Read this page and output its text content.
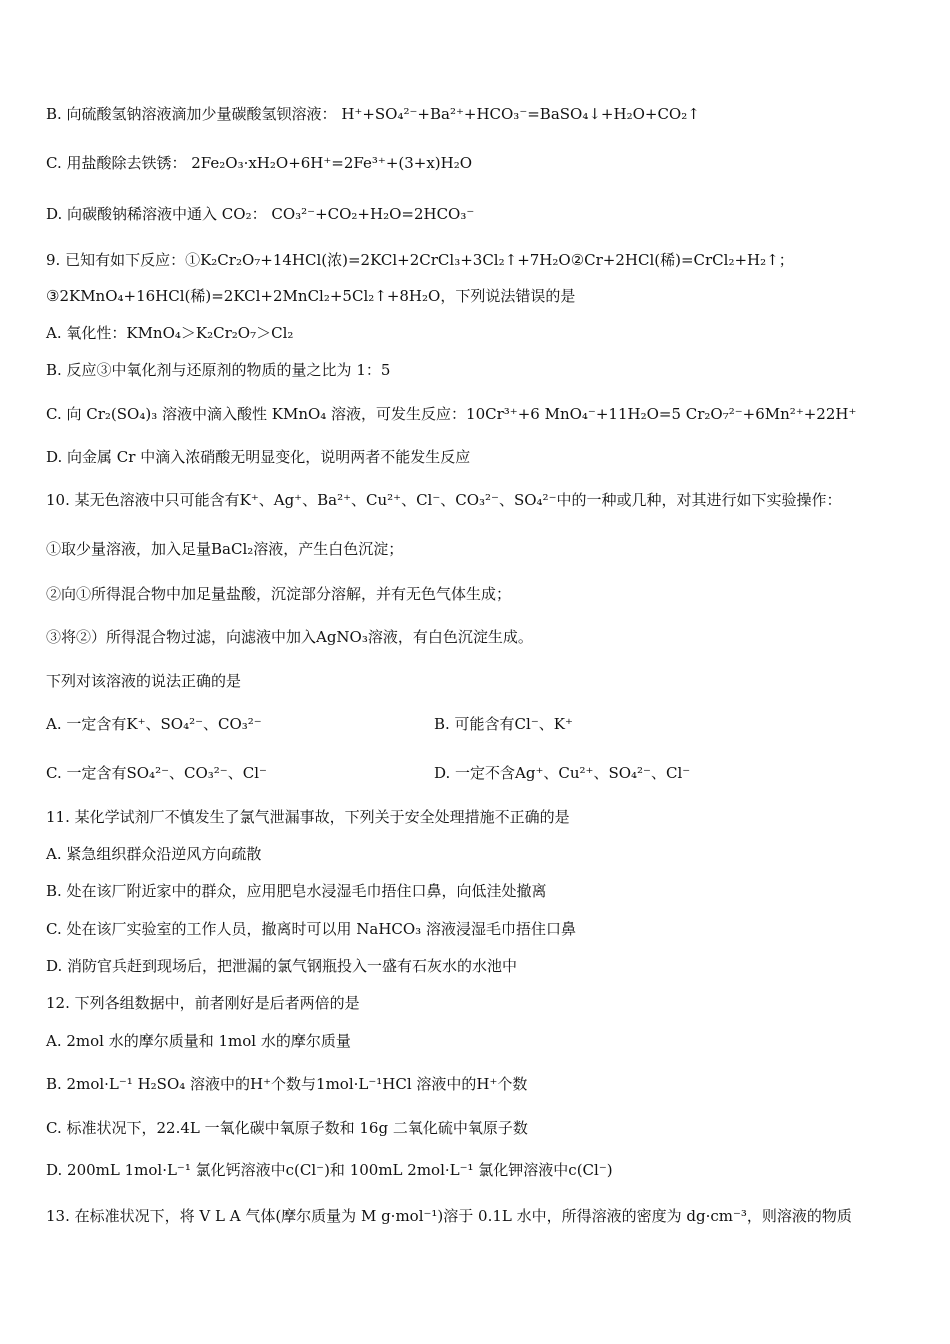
B. 向硫酸氢钠溶液滴加少量碳酸氢钡溶液： H⁺+SO₄²⁻+Ba²⁺+HCO₃⁻=BaSO₄↓+H₂O+CO₂↑
C. 用盐酸除去铁锈： 2Fe₂O₃·xH₂O+6H⁺=2Fe³⁺+(3+x)H₂O
D. 向碳酸钠稀溶液中通入 CO₂： CO₃²⁻+CO₂+H₂O=2HCO₃⁻
9. 已知有如下反应：①K₂Cr₂O₇+14HCl(浓)=2KCl+2CrCl₃+3Cl₂↑+7H₂O②Cr+2HCl(稀)=CrCl₂+H₂↑；
③2KMnO₄+16HCl(稀)=2KCl+2MnCl₂+5Cl₂↑+8H₂O，下列说法错误的是
A. 氧化性：KMnO₄＞K₂Cr₂O₇＞Cl₂
B. 反应③中氧化剂与还原剂的物质的量之比为 1：5
C. 向 Cr₂(SO₄)₃ 溶液中滴入酸性 KMnO₄ 溶液，可发生反应：10Cr³⁺+6 MnO₄⁻+11H₂O=5 Cr₂O₇²⁻+6Mn²⁺+22H⁺
D. 向金属 Cr 中滴入浓硝酸无明显变化，说明两者不能发生反应
10. 某无色溶液中只可能含有K⁺、Ag⁺、Ba²⁺、Cu²⁺、Cl⁻、CO₃²⁻、SO₄²⁻中的一种或几种，对其进行如下实验操作：
①取少量溶液，加入足量BaCl₂溶液，产生白色沉淀；
②向①所得混合物中加足量盐酸，沉淀部分溶解，并有无色气体生成；
③将②）所得混合物过滤，向滤液中加入AgNO₃溶液，有白色沉淀生成。
下列对该溶液的说法正确的是
A. 一定含有K⁺、SO₄²⁻、CO₃²⁻	B. 可能含有Cl⁻、K⁺
C. 一定含有SO₄²⁻、CO₃²⁻、Cl⁻	D. 一定不含Ag⁺、Cu²⁺、SO₄²⁻、Cl⁻
11. 某化学试剂厂不慎发生了氯气泄漏事故，下列关于安全处理措施不正确的是
A. 紧急组织群众沿逆风方向疏散
B. 处在该厂附近家中的群众，应用肥皂水浸湿毛巾捂住口鼻，向低洼处撤离
C. 处在该厂实验室的工作人员，撤离时可以用 NaHCO₃ 溶液浸湿毛巾捂住口鼻
D. 消防官兵赶到现场后，把泄漏的氯气钢瓶投入一盛有石灰水的水池中
12. 下列各组数据中，前者刚好是后者两倍的是
A. 2mol 水的摩尔质量和 1mol 水的摩尔质量
B. 2mol·L⁻¹ H₂SO₄ 溶液中的H⁺个数与1mol·L⁻¹HCl 溶液中的H⁺个数
C. 标准状况下，22.4L 一氧化碳中氧原子数和 16g 二氧化硫中氧原子数
D. 200mL 1mol·L⁻¹ 氯化钙溶液中c(Cl⁻)和 100mL 2mol·L⁻¹ 氯化钾溶液中c(Cl⁻)
13. 在标准状况下，将 V L A 气体(摩尔质量为 M g·mol⁻¹)溶于 0.1L 水中，所得溶液的密度为 dg·cm⁻³，则溶液的物质
